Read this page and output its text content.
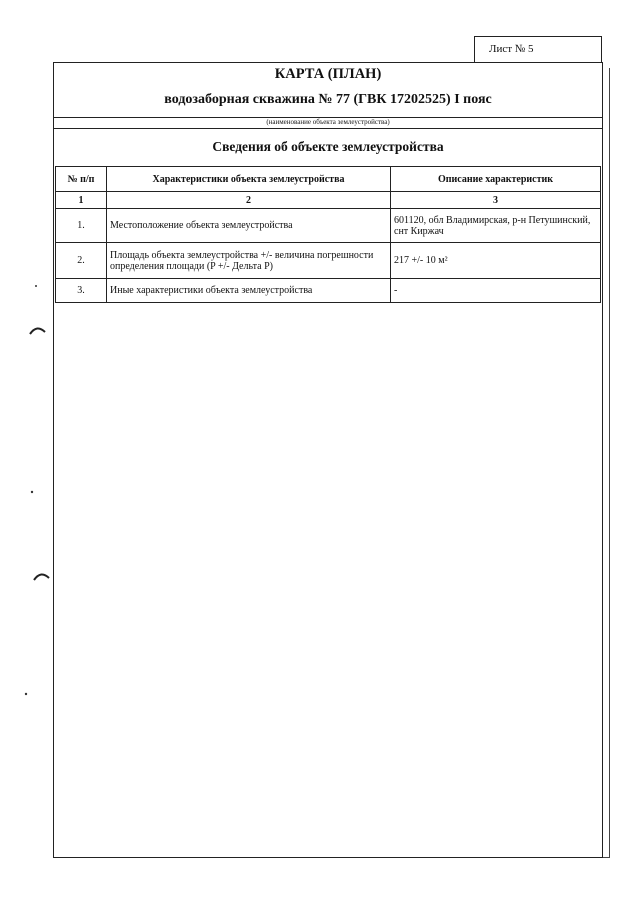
Лист № 5
КАРТА (ПЛАН)
водозаборная скважина № 77 (ГВК 17202525) I пояс
(наименование объекта землеустройства)
Сведения об объекте землеустройства
№ п/п	Характеристики объекта землеустройства	Описание характеристик
1	2	3
1.	Местоположение объекта землеустройства	601120, обл Владимирская, р-н Петушинский, снт Киржач
2.	Площадь объекта землеустройства +/- величина погрешности определения площади (P +/- Дельта P)	217 +/- 10 м²
3.	Иные характеристики объекта землеустройства	-
